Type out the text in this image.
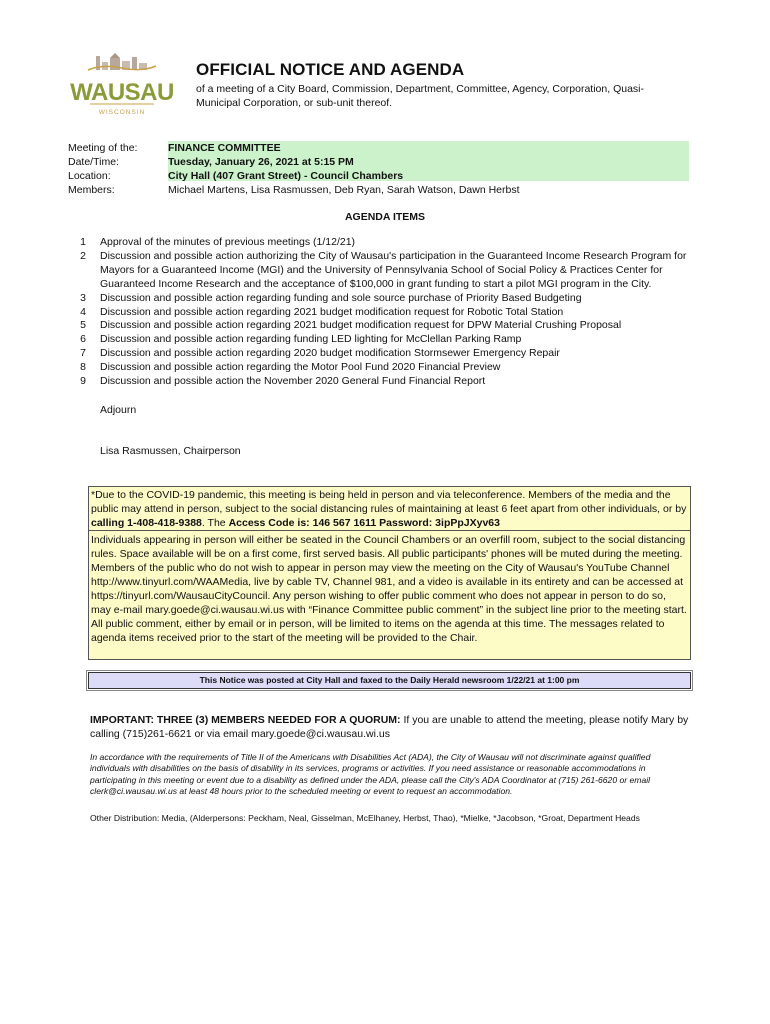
WAUSAU
WISCONSIN
OFFICIAL NOTICE AND AGENDA
of a meeting of a City Board, Commission, Department, Committee, Agency, Corporation, Quasi-Municipal Corporation, or sub-unit thereof.
Meeting of the:	FINANCE COMMITTEE
Date/Time:	Tuesday, January 26, 2021 at 5:15 PM
Location:	City Hall (407 Grant Street) - Council Chambers
Members:	Michael Martens, Lisa Rasmussen, Deb Ryan, Sarah Watson, Dawn Herbst
AGENDA ITEMS
1	Approval of the minutes of previous meetings (1/12/21)
2	Discussion and possible action authorizing the City of Wausau's participation in the Guaranteed Income Research Program for Mayors for a Guaranteed Income (MGI) and the University of Pennsylvania School of Social Policy & Practices Center for Guaranteed Income Research and the acceptance of $100,000 in grant funding to start a pilot MGI program in the City.
3	Discussion and possible action regarding funding and sole source purchase of Priority Based Budgeting
4	Discussion and possible action regarding 2021 budget modification request for Robotic Total Station
5	Discussion and possible action regarding 2021 budget modification request for DPW Material Crushing Proposal
6	Discussion and possible action regarding funding LED lighting for McClellan Parking Ramp
7	Discussion and possible action regarding 2020 budget modification Stormsewer Emergency Repair
8	Discussion and possible action regarding the Motor Pool Fund 2020 Financial Preview
9	Discussion and possible action the November 2020 General Fund Financial Report
Adjourn
Lisa Rasmussen, Chairperson
*Due to the COVID-19 pandemic, this meeting is being held in person and via teleconference. Members of the media and the public may attend in person, subject to the social distancing rules of maintaining at least 6 feet apart from other individuals, or by calling 1-408-418-9388. The Access Code is: 146 567 1611 Password: 3ipPpJXyv63
Individuals appearing in person will either be seated in the Council Chambers or an overfill room, subject to the social distancing rules. Space available will be on a first come, first served basis. All public participants' phones will be muted during the meeting. Members of the public who do not wish to appear in person may view the meeting on the City of Wausau's YouTube Channel http://www.tinyurl.com/WAAMedia, live by cable TV, Channel 981, and a video is available in its entirety and can be accessed at https://tinyurl.com/WausauCityCouncil. Any person wishing to offer public comment who does not appear in person to do so, may e-mail mary.goede@ci.wausau.wi.us with “Finance Committee public comment” in the subject line prior to the meeting start. All public comment, either by email or in person, will be limited to items on the agenda at this time. The messages related to agenda items received prior to the start of the meeting will be provided to the Chair.
This Notice was posted at City Hall and faxed to the Daily Herald newsroom 1/22/21 at 1:00 pm
IMPORTANT: THREE (3) MEMBERS NEEDED FOR A QUORUM: If you are unable to attend the meeting, please notify Mary by calling (715)261-6621 or via email mary.goede@ci.wausau.wi.us
In accordance with the requirements of Title II of the Americans with Disabilities Act (ADA), the City of Wausau will not discriminate against qualified individuals with disabilities on the basis of disability in its services, programs or activities. If you need assistance or reasonable accommodations in participating in this meeting or event due to a disability as defined under the ADA, please call the City's ADA Coordinator at (715) 261-6620 or email clerk@ci.wausau.wi.us at least 48 hours prior to the scheduled meeting or event to request an accommodation.
Other Distribution: Media, (Alderpersons: Peckham, Neal, Gisselman, McElhaney, Herbst, Thao), *Mielke, *Jacobson, *Groat, Department Heads
